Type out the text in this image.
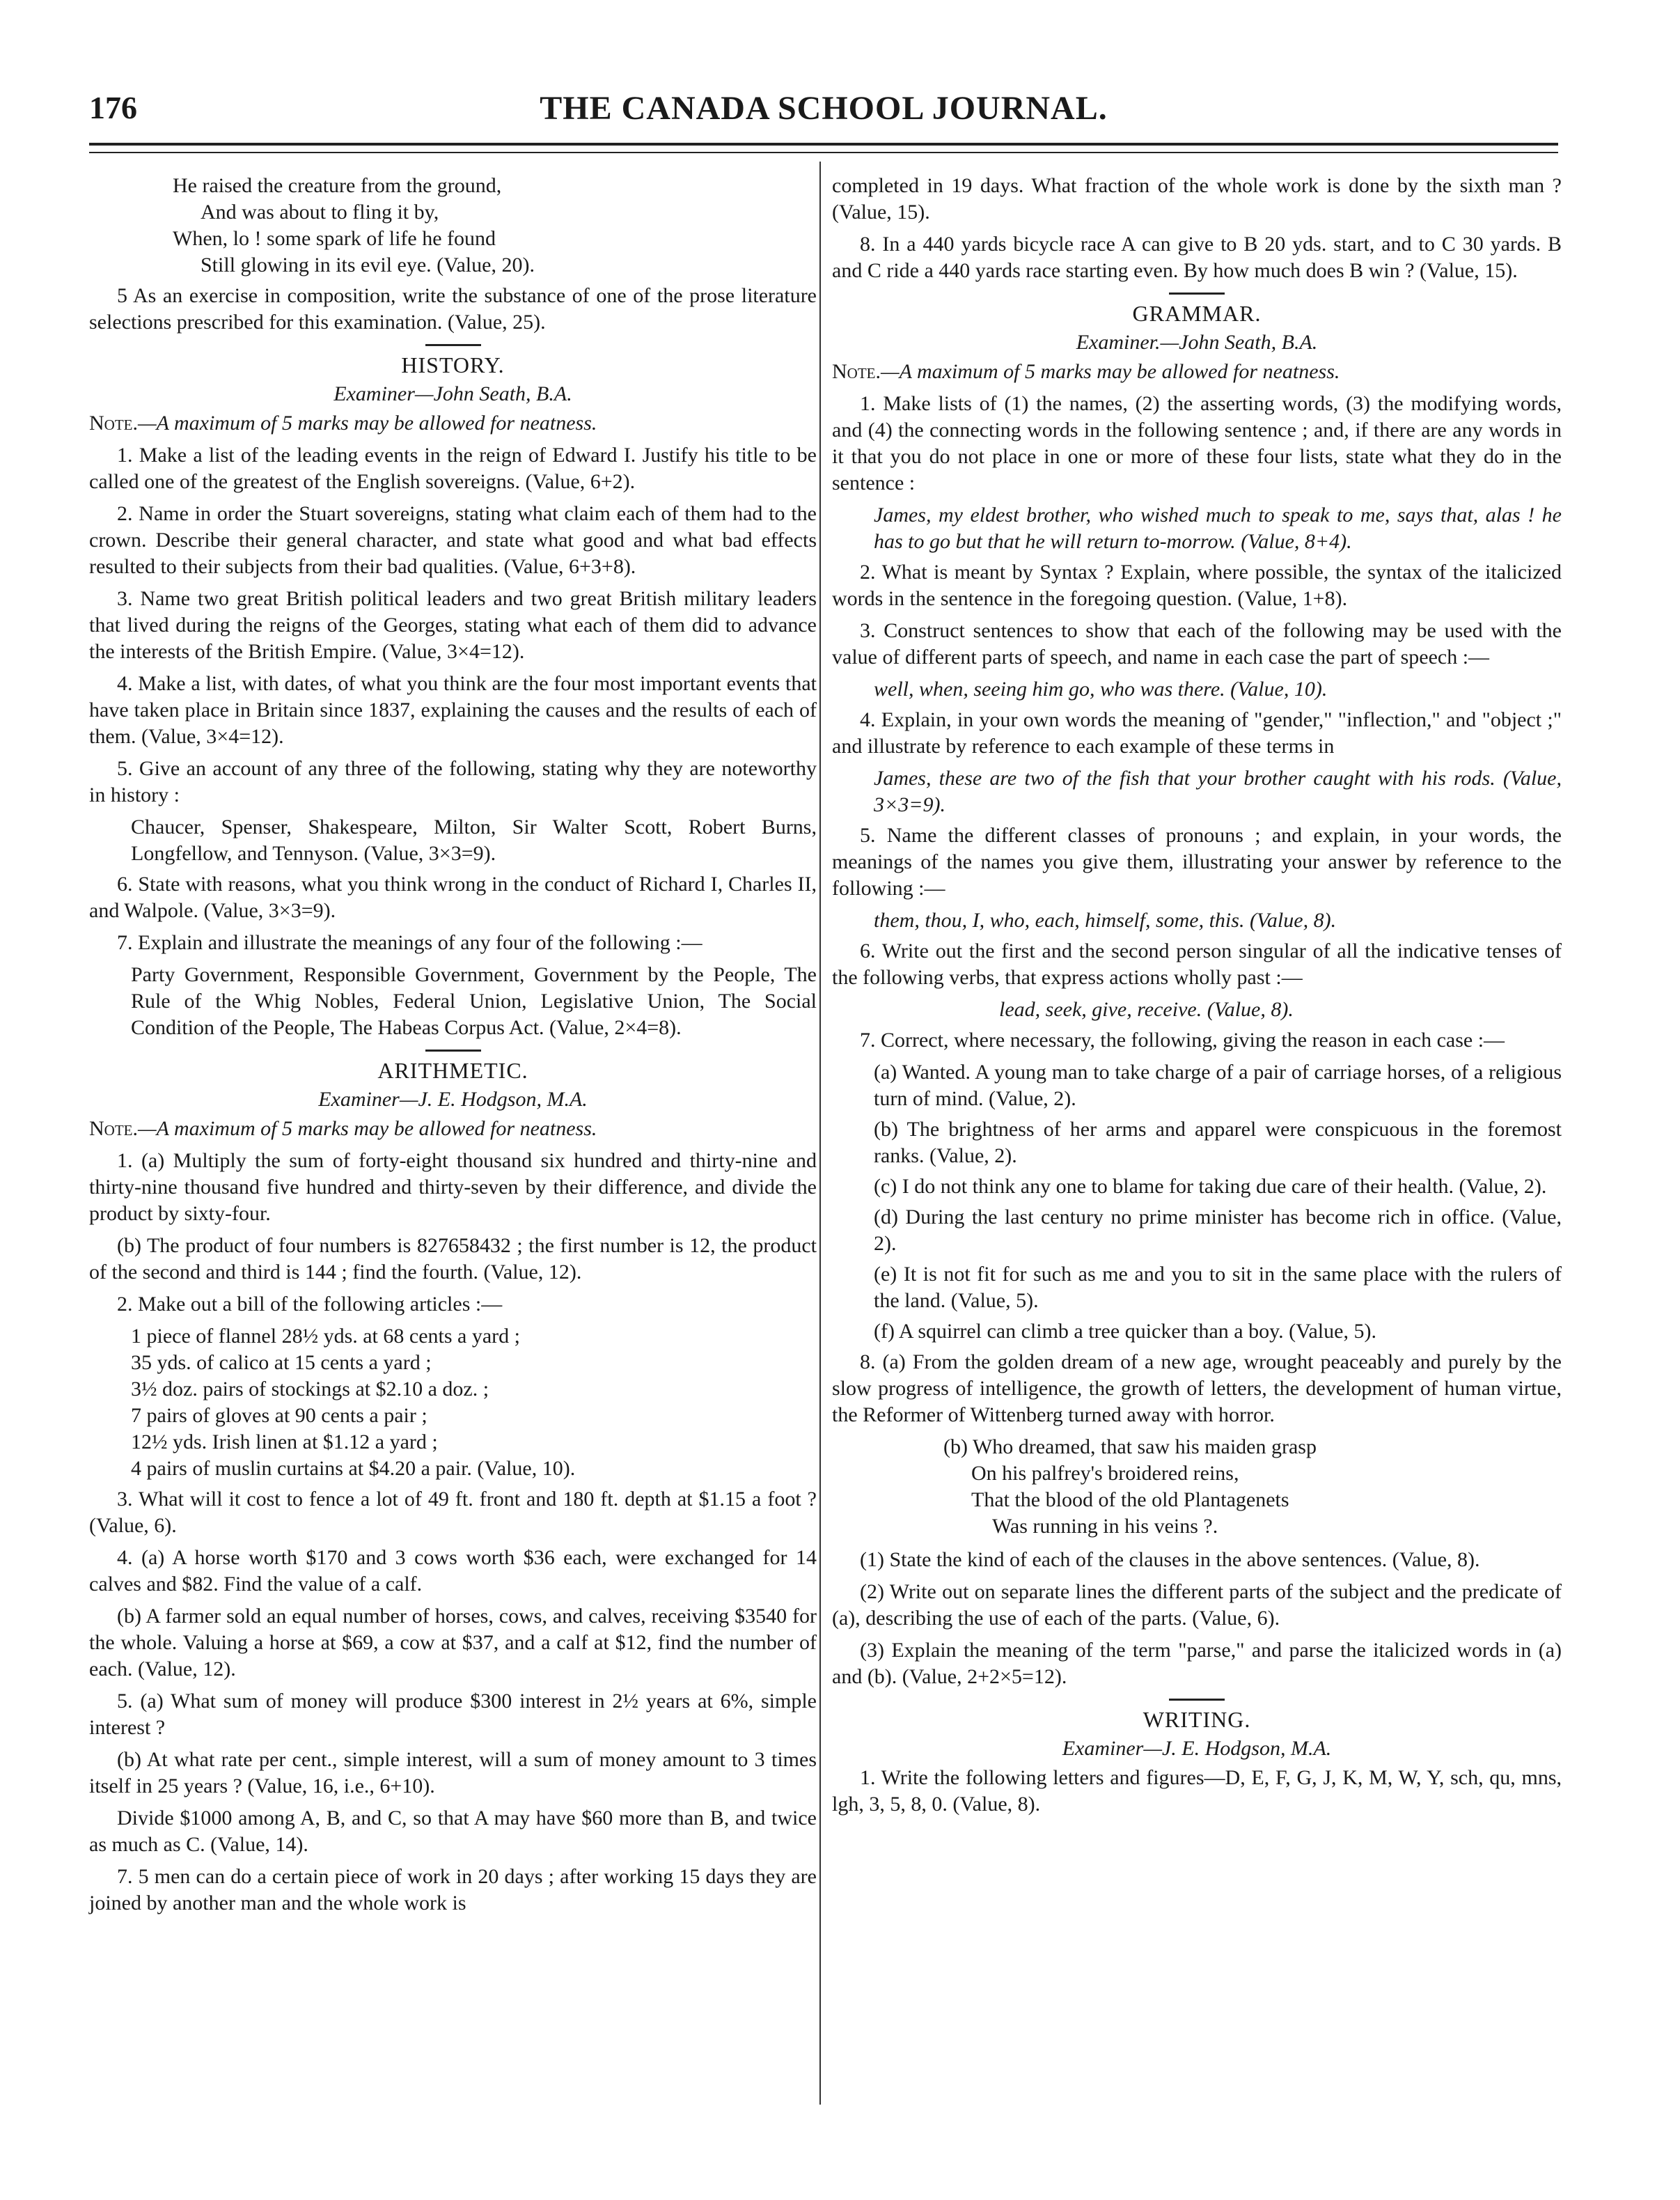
176	THE CANADA SCHOOL JOURNAL.
He raised the creature from the ground,
And was about to fling it by,
When, lo ! some spark of life he found
Still glowing in its evil eye. (Value, 20).

5 As an exercise in composition, write the substance of one of the prose literature selections prescribed for this examination. (Value, 25).

HISTORY.
Examiner—John Seath, B.A.
Note.—A maximum of 5 marks may be allowed for neatness.

1. Make a list of the leading events in the reign of Edward I. Justify his title to be called one of the greatest of the English sovereigns. (Value, 6+2).

2. Name in order the Stuart sovereigns, stating what claim each of them had to the crown. Describe their general character, and state what good and what bad effects resulted to their subjects from their bad qualities. (Value, 6+3+8).

3. Name two great British political leaders and two great British military leaders that lived during the reigns of the Georges, stating what each of them did to advance the interests of the British Empire. (Value, 3×4=12).

4. Make a list, with dates, of what you think are the four most important events that have taken place in Britain since 1837, explaining the causes and the results of each of them. (Value, 3×4=12).

5. Give an account of any three of the following, stating why they are noteworthy in history :

Chaucer, Spenser, Shakespeare, Milton, Sir Walter Scott, Robert Burns, Longfellow, and Tennyson. (Value, 3×3=9).

6. State with reasons, what you think wrong in the conduct of Richard I, Charles II, and Walpole. (Value, 3×3=9).

7. Explain and illustrate the meanings of any four of the following :—

Party Government, Responsible Government, Government by the People, The Rule of the Whig Nobles, Federal Union, Legislative Union, The Social Condition of the People, The Habeas Corpus Act. (Value, 2×4=8).
ARITHMETIC.
Examiner—J. E. Hodgson, M.A.
Note.—A maximum of 5 marks may be allowed for neatness.

1. (a) Multiply the sum of forty-eight thousand six hundred and thirty-nine and thirty-nine thousand five hundred and thirty-seven by their difference, and divide the product by sixty-four.

(b) The product of four numbers is 827658432 ; the first number is 12, the product of the second and third is 144 ; find the fourth. (Value, 12).

2. Make out a bill of the following articles :—

1 piece of flannel 28½ yds. at 68 cents a yard ;
35 yds. of calico at 15 cents a yard ;
3½ doz. pairs of stockings at $2.10 a doz. ;
7 pairs of gloves at 90 cents a pair ;
12½ yds. Irish linen at $1.12 a yard ;
4 pairs of muslin curtains at $4.20 a pair. (Value, 10).

3. What will it cost to fence a lot of 49 ft. front and 180 ft. depth at $1.15 a foot ? (Value, 6).

4. (a) A horse worth $170 and 3 cows worth $36 each, were exchanged for 14 calves and $82. Find the value of a calf.

(b) A farmer sold an equal number of horses, cows, and calves, receiving $3540 for the whole. Valuing a horse at $69, a cow at $37, and a calf at $12, find the number of each. (Value, 12).

5. (a) What sum of money will produce $300 interest in 2½ years at 6%, simple interest ?

(b) At what rate per cent., simple interest, will a sum of money amount to 3 times itself in 25 years ? (Value, 16, i.e., 6+10).

Divide $1000 among A, B, and C, so that A may have $60 more than B, and twice as much as C. (Value, 14).

7. 5 men can do a certain piece of work in 20 days ; after working 15 days they are joined by another man and the whole work is

completed in 19 days. What fraction of the whole work is done by the sixth man ? (Value, 15).

8. In a 440 yards bicycle race A can give to B 20 yds. start, and to C 30 yards. B and C ride a 440 yards race starting even. By how much does B win ? (Value, 15).

GRAMMAR.
Examiner.—John Seath, B.A.
Note.—A maximum of 5 marks may be allowed for neatness.

1. Make lists of (1) the names, (2) the asserting words, (3) the modifying words, and (4) the connecting words in the following sentence ; and, if there are any words in it that you do not place in one or more of these four lists, state what they do in the sentence :

James, my eldest brother, who wished much to speak to me, says that, alas ! he has to go but that he will return to-morrow. (Value, 8+4).

2. What is meant by Syntax ? Explain, where possible, the syntax of the italicized words in the sentence in the foregoing question. (Value, 1+8).

3. Construct sentences to show that each of the following may be used with the value of different parts of speech, and name in each case the part of speech :—

well, when, seeing him go, who was there. (Value, 10).

4. Explain, in your own words the meaning of "gender," "inflection," and "object ;" and illustrate by reference to each example of these terms in

James, these are two of the fish that your brother caught with his rods. (Value, 3×3=9).

5. Name the different classes of pronouns ; and explain, in your words, the meanings of the names you give them, illustrating your answer by reference to the following :—

them, thou, I, who, each, himself, some, this. (Value, 8).

6. Write out the first and the second person singular of all the indicative tenses of the following verbs, that express actions wholly past :—

lead, seek, give, receive. (Value, 8).

7. Correct, where necessary, the following, giving the reason in each case :—

(a) Wanted. A young man to take charge of a pair of carriage horses, of a religious turn of mind. (Value, 2).
(b) The brightness of her arms and apparel were conspicuous in the foremost ranks. (Value, 2).
(c) I do not think any one to blame for taking due care of their health. (Value, 2).
(d) During the last century no prime minister has become rich in office. (Value, 2).
(e) It is not fit for such as me and you to sit in the same place with the rulers of the land. (Value, 5).
(f) A squirrel can climb a tree quicker than a boy. (Value, 5).

8. (a) From the golden dream of a new age, wrought peaceably and purely by the slow progress of intelligence, the growth of letters, the development of human virtue, the Reformer of Wittenberg turned away with horror.

(b) Who dreamed, that saw his maiden grasp
On his palfrey's broidered reins,
That the blood of the old Plantagenets
Was running in his veins ?.

(1) State the kind of each of the clauses in the above sentences. (Value, 8).

(2) Write out on separate lines the different parts of the subject and the predicate of (a), describing the use of each of the parts. (Value, 6).

(3) Explain the meaning of the term "parse," and parse the italicized words in (a) and (b). (Value, 2+2×5=12).

WRITING.
Examiner—J. E. Hodgson, M.A.

1. Write the following letters and figures—D, E, F, G, J, K, M, W, Y, sch, qu, mns, lgh, 3, 5, 8, 0. (Value, 8).
